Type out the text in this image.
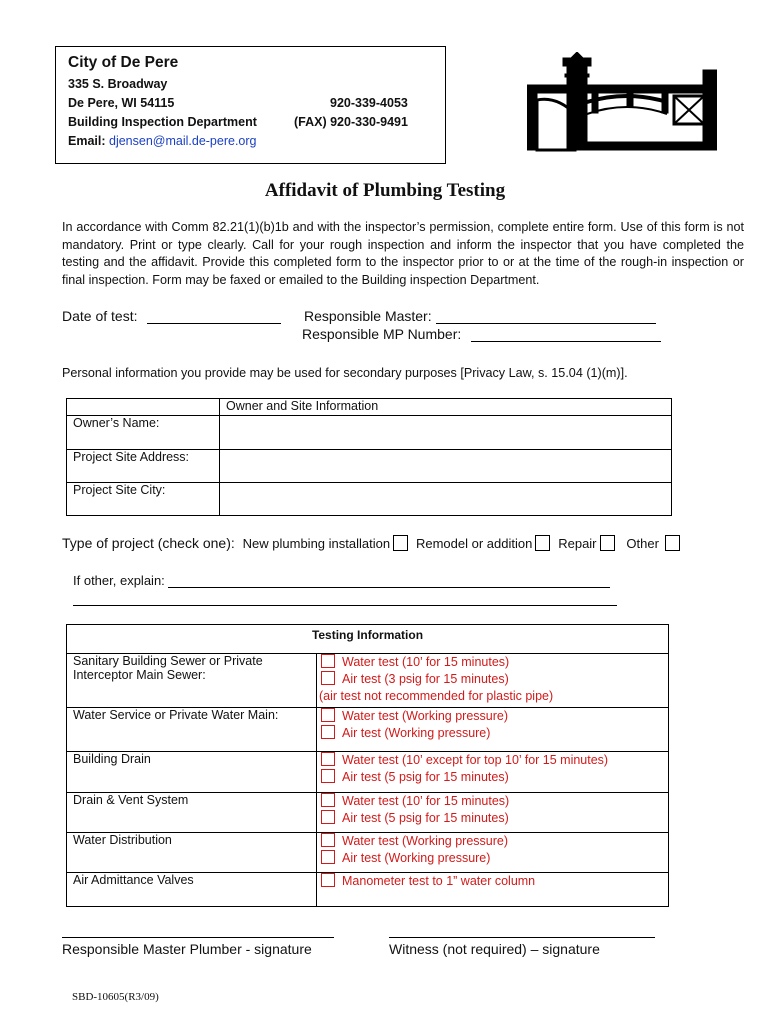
City of De Pere
335 S. Broadway
De Pere, WI 54115	920-339-4053
Building Inspection Department	(FAX) 920-330-9491
Email: djensen@mail.de-pere.org
Affidavit of Plumbing Testing
In accordance with Comm 82.21(1)(b)1b and with the inspector’s permission, complete entire form. Use of this form is not mandatory. Print or type clearly. Call for your rough inspection and inform the inspector that you have completed the testing and the affidavit. Provide this completed form to the inspector prior to or at the time of the rough-in inspection or final inspection. Form may be faxed or emailed to the Building inspection Department.
Date of test:	Responsible Master:
Responsible MP Number:
Personal information you provide may be used for secondary purposes [Privacy Law, s. 15.04 (1)(m)].
	Owner and Site Information
Owner’s Name:	
Project Site Address:	
Project Site City:	
Type of project (check one): New plumbing installation Remodel or addition Repair Other
If other, explain:
Testing Information	
Sanitary Building Sewer or Private Interceptor Main Sewer:	Water test (10’ for 15 minutes)
Air test (3 psig for 15 minutes)
(air test not recommended for plastic pipe)

Water Service or Private Water Main:	Water test (Working pressure)
Air test (Working pressure)

Building Drain	Water test (10’ except for top 10’ for 15 minutes)
Air test (5 psig for 15 minutes)

Drain & Vent System	Water test (10’ for 15 minutes)
Air test (5 psig for 15 minutes)

Water Distribution	Water test (Working pressure)
Air test (Working pressure)

Air Admittance Valves	Manometer test to 1” water column
Responsible Master Plumber - signature	Witness (not required) – signature
SBD-10605(R3/09)
